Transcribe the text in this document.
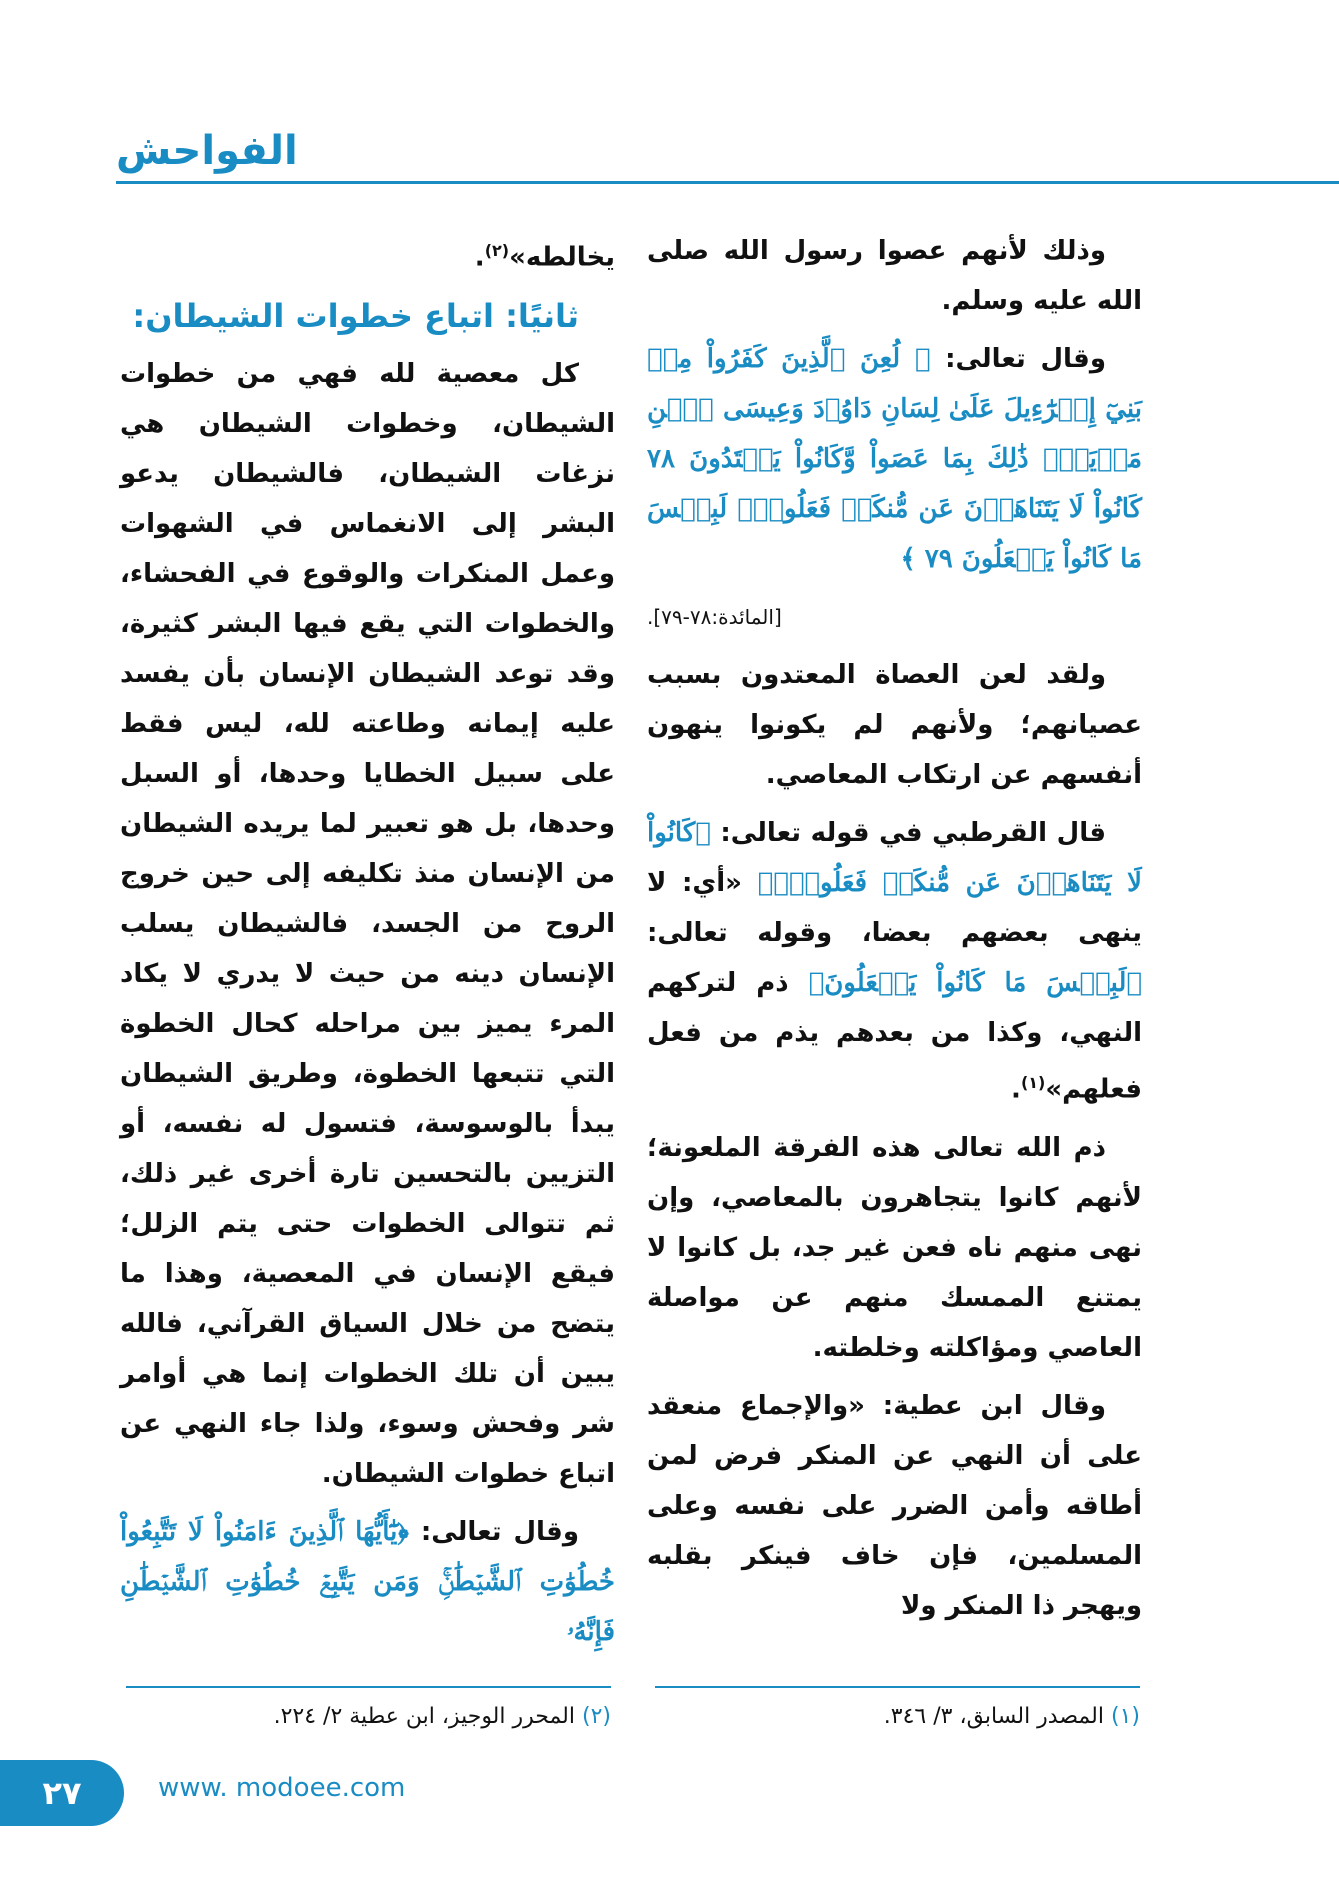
الفواحش

وذلك لأنهم عصوا رسول الله صلى الله عليه وسلم.

وقال تعالى: ﴿ لُعِنَ ٱلَّذِينَ كَفَرُواْ مِنۢ بَنِيٓ إِسۡرَٰٓءِيلَ عَلَىٰ لِسَانِ دَاوُۥدَ وَعِيسَى ٱبۡنِ مَرۡيَمَۚ ذَٰلِكَ بِمَا عَصَواْ وَّكَانُواْ يَعۡتَدُونَ ٧٨ كَانُواْ لَا يَتَنَاهَوۡنَ عَن مُّنكَرٖ فَعَلُوهُۚ لَبِئۡسَ مَا كَانُواْ يَفۡعَلُونَ ٧٩ ﴾

[المائدة:٧٨-٧٩].

ولقد لعن العصاة المعتدون بسبب عصيانهم؛ ولأنهم لم يكونوا ينهون أنفسهم عن ارتكاب المعاصي.

قال القرطبي في قوله تعالى: ﴿كَانُواْ لَا يَتَنَاهَوۡنَ عَن مُّنكَرٖ فَعَلُوهُۚ﴾ «أي: لا ينهى بعضهم بعضا، وقوله تعالى: ﴿لَبِئۡسَ مَا كَانُواْ يَفۡعَلُونَ﴾ ذم لتركهم النهي، وكذا من بعدهم يذم من فعل فعلهم»$^{(١)}$.

ذم الله تعالى هذه الفرقة الملعونة؛ لأنهم كانوا يتجاهرون بالمعاصي، وإن نهى منهم ناه فعن غير جد، بل كانوا لا يمتنع الممسك منهم عن مواصلة العاصي ومؤاكلته وخلطته.

وقال ابن عطية: «والإجماع منعقد على أن النهي عن المنكر فرض لمن أطاقه وأمن الضرر على نفسه وعلى المسلمين، فإن خاف فينكر بقلبه ويهجر ذا المنكر ولا

يخالطه»$^{(٢)}$.

ثانيًا: اتباع خطوات الشيطان:

كل معصية لله فهي من خطوات الشيطان، وخطوات الشيطان هي نزغات الشيطان، فالشيطان يدعو البشر إلى الانغماس في الشهوات وعمل المنكرات والوقوع في الفحشاء، والخطوات التي يقع فيها البشر كثيرة، وقد توعد الشيطان الإنسان بأن يفسد عليه إيمانه وطاعته لله، ليس فقط على سبيل الخطايا وحدها، أو السبل وحدها، بل هو تعبير لما يريده الشيطان من الإنسان منذ تكليفه إلى حين خروج الروح من الجسد، فالشيطان يسلب الإنسان دينه من حيث لا يدري لا يكاد المرء يميز بين مراحله كحال الخطوة التي تتبعها الخطوة، وطريق الشيطان يبدأ بالوسوسة، فتسول له نفسه، أو التزيين بالتحسين تارة أخرى غير ذلك، ثم تتوالى الخطوات حتى يتم الزلل؛ فيقع الإنسان في المعصية، وهذا ما يتضح من خلال السياق القرآني، فالله يبين أن تلك الخطوات إنما هي أوامر شر وفحش وسوء، ولذا جاء النهي عن اتباع خطوات الشيطان.

وقال تعالى: ﴿يَٰٓأَيُّهَا ٱلَّذِينَ ءَامَنُواْ لَا تَتَّبِعُواْ خُطُوَٰتِ ٱلشَّيۡطَٰنِۚ وَمَن يَتَّبِعۡ خُطُوَٰتِ ٱلشَّيۡطَٰنِ فَإِنَّهُۥ

(١) المصدر السابق، ٣/ ٣٤٦.
(٢) المحرر الوجيز، ابن عطية ٢/ ٢٢٤.
٢٧	www. modoee.com
